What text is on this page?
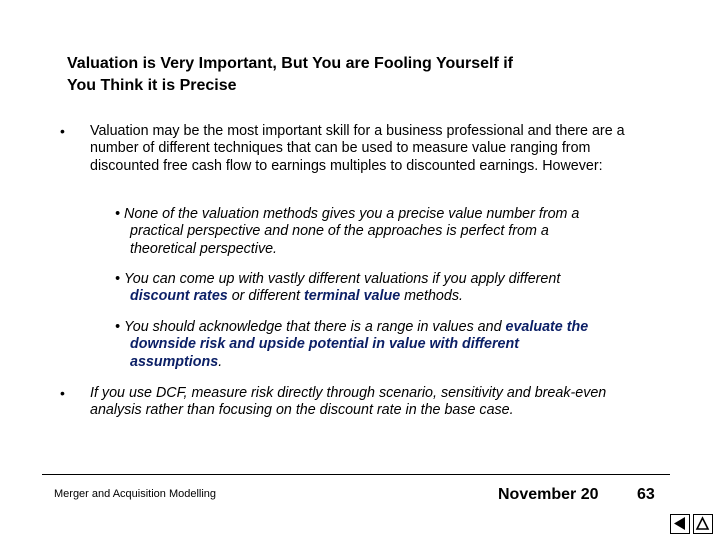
Valuation is Very Important, But You are Fooling Yourself if
You Think it is Precise
• Valuation may be the most important skill for a business professional and there are a number of different techniques that can be used to measure value ranging from discounted free cash flow to earnings multiples to discounted earnings. However:
• None of the valuation methods gives you a precise value number from a practical perspective and none of the approaches is perfect from a theoretical perspective.
• You can come up with vastly different valuations if you apply different discount rates or different terminal value methods.
• You should acknowledge that there is a range in values and evaluate the downside risk and upside potential in value with different assumptions.
• If you use DCF, measure risk directly through scenario, sensitivity and break-even analysis rather than focusing on the discount rate in the base case.
Merger and Acquisition Modelling	November 20 63
